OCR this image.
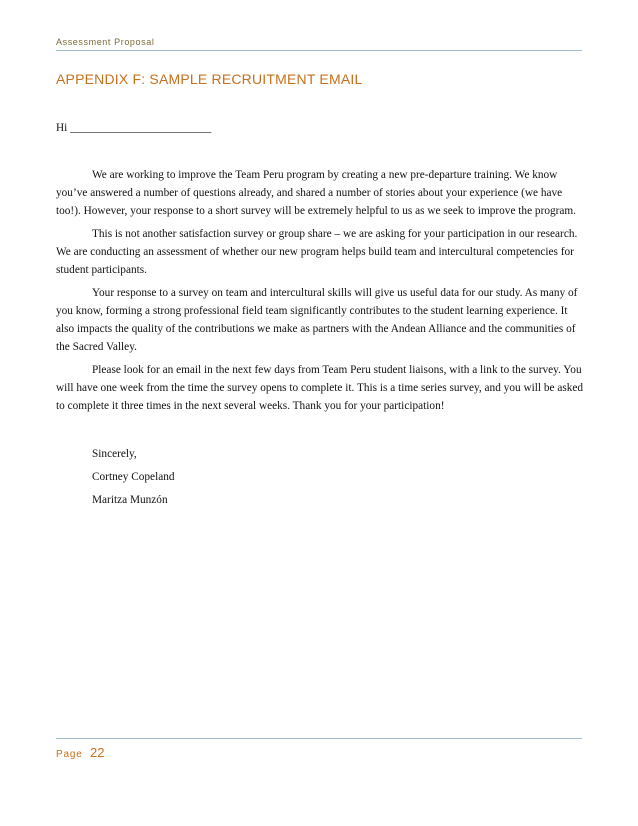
Assessment Proposal
APPENDIX F: SAMPLE RECRUITMENT EMAIL
Hi _________________________

We are working to improve the Team Peru program by creating a new pre-departure training. We know you’ve answered a number of questions already, and shared a number of stories about your experience (we have too!). However, your response to a short survey will be extremely helpful to us as we seek to improve the program.

This is not another satisfaction survey or group share – we are asking for your participation in our research. We are conducting an assessment of whether our new program helps build team and intercultural competencies for student participants.

Your response to a survey on team and intercultural skills will give us useful data for our study. As many of you know, forming a strong professional field team significantly contributes to the student learning experience. It also impacts the quality of the contributions we make as partners with the Andean Alliance and the communities of the Sacred Valley.

Please look for an email in the next few days from Team Peru student liaisons, with a link to the survey. You will have one week from the time the survey opens to complete it. This is a time series survey, and you will be asked to complete it three times in the next several weeks. Thank you for your participation!

Sincerely,
Cortney Copeland
Maritza Munzón
Page 22
